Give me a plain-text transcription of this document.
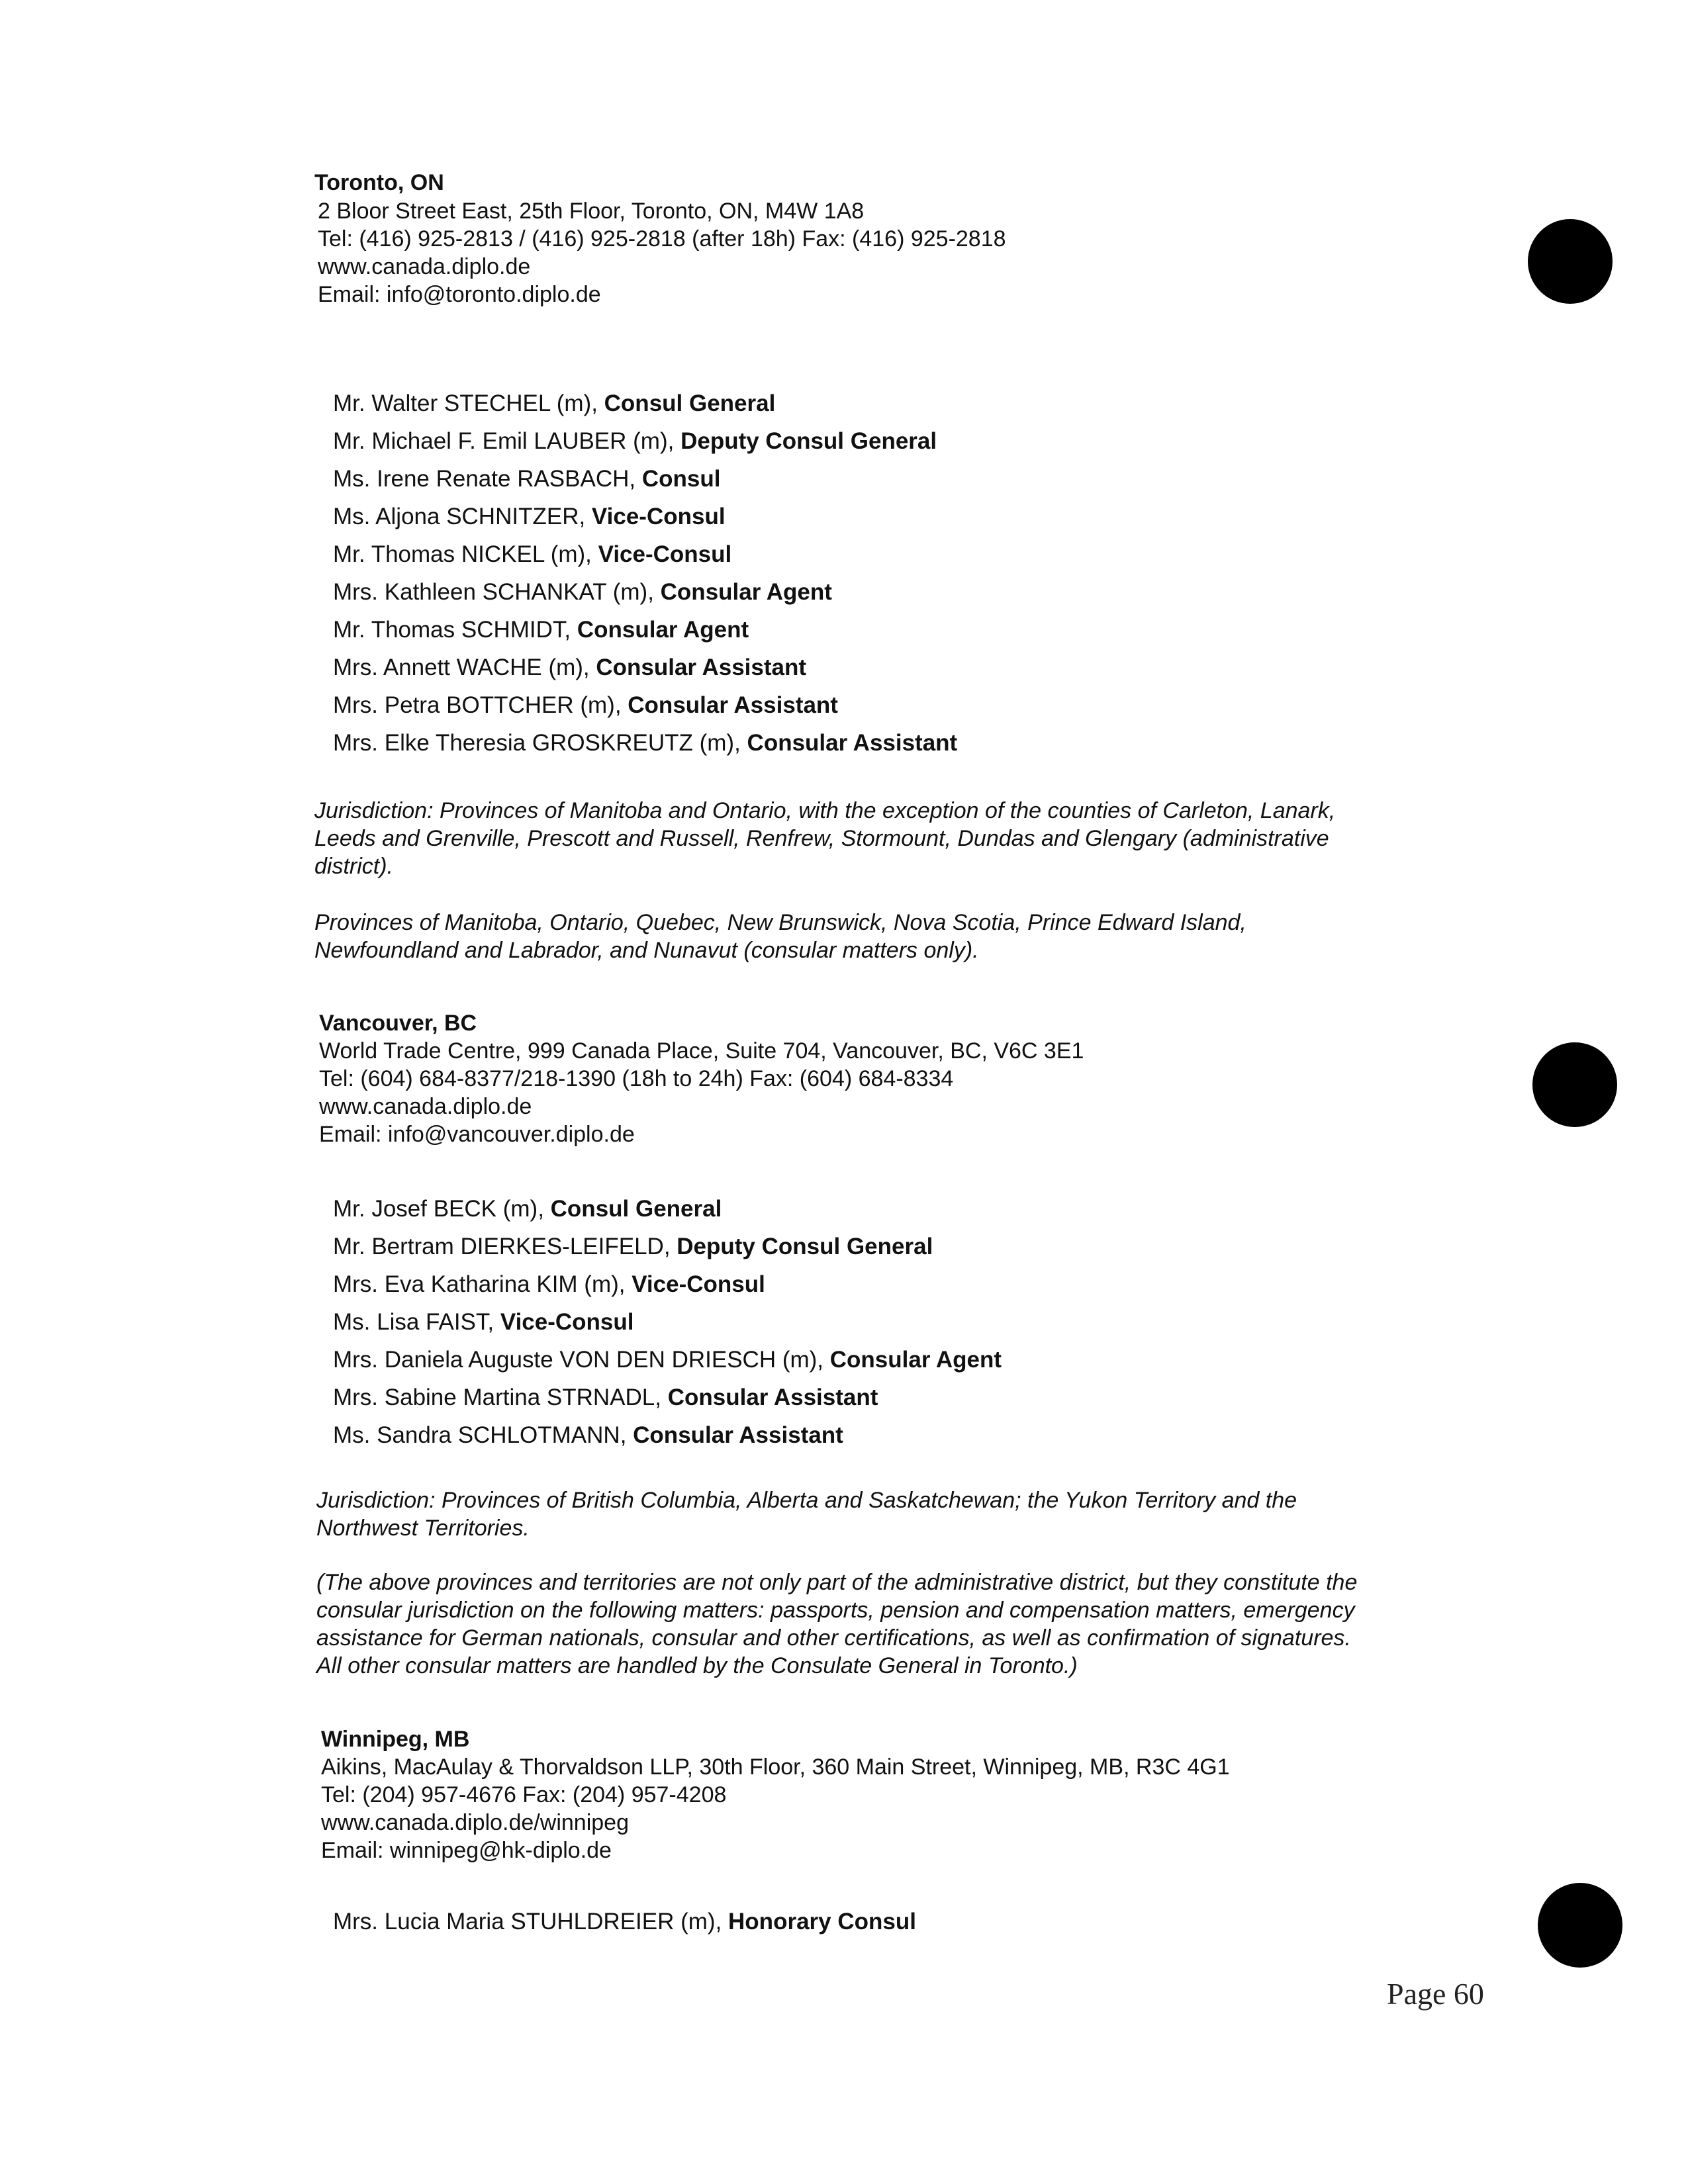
Toronto, ON
2 Bloor Street East, 25th Floor, Toronto, ON, M4W 1A8
Tel: (416) 925-2813 / (416) 925-2818 (after 18h) Fax: (416) 925-2818
www.canada.diplo.de
Email: info@toronto.diplo.de
Mr. Walter STECHEL (m), Consul General
Mr. Michael F. Emil LAUBER (m), Deputy Consul General
Ms. Irene Renate RASBACH, Consul
Ms. Aljona SCHNITZER, Vice-Consul
Mr. Thomas NICKEL (m), Vice-Consul
Mrs. Kathleen SCHANKAT (m), Consular Agent
Mr. Thomas SCHMIDT, Consular Agent
Mrs. Annett WACHE (m), Consular Assistant
Mrs. Petra BOTTCHER (m), Consular Assistant
Mrs. Elke Theresia GROSKREUTZ (m), Consular Assistant
Jurisdiction: Provinces of Manitoba and Ontario, with the exception of the counties of Carleton, Lanark,
Leeds and Grenville, Prescott and Russell, Renfrew, Stormount, Dundas and Glengary (administrative
district).
Provinces of Manitoba, Ontario, Quebec, New Brunswick, Nova Scotia, Prince Edward Island,
Newfoundland and Labrador, and Nunavut (consular matters only).
Vancouver, BC
World Trade Centre, 999 Canada Place, Suite 704, Vancouver, BC, V6C 3E1
Tel: (604) 684-8377/218-1390 (18h to 24h) Fax: (604) 684-8334
www.canada.diplo.de
Email: info@vancouver.diplo.de
Mr. Josef BECK (m), Consul General
Mr. Bertram DIERKES-LEIFELD, Deputy Consul General
Mrs. Eva Katharina KIM (m), Vice-Consul
Ms. Lisa FAIST, Vice-Consul
Mrs. Daniela Auguste VON DEN DRIESCH (m), Consular Agent
Mrs. Sabine Martina STRNADL, Consular Assistant
Ms. Sandra SCHLOTMANN, Consular Assistant
Jurisdiction: Provinces of British Columbia, Alberta and Saskatchewan; the Yukon Territory and the
Northwest Territories.
(The above provinces and territories are not only part of the administrative district, but they constitute the
consular jurisdiction on the following matters: passports, pension and compensation matters, emergency
assistance for German nationals, consular and other certifications, as well as confirmation of signatures.
All other consular matters are handled by the Consulate General in Toronto.)
Winnipeg, MB
Aikins, MacAulay & Thorvaldson LLP, 30th Floor, 360 Main Street, Winnipeg, MB, R3C 4G1
Tel: (204) 957-4676 Fax: (204) 957-4208
www.canada.diplo.de/winnipeg
Email: winnipeg@hk-diplo.de
Mrs. Lucia Maria STUHLDREIER (m), Honorary Consul
Page 60
